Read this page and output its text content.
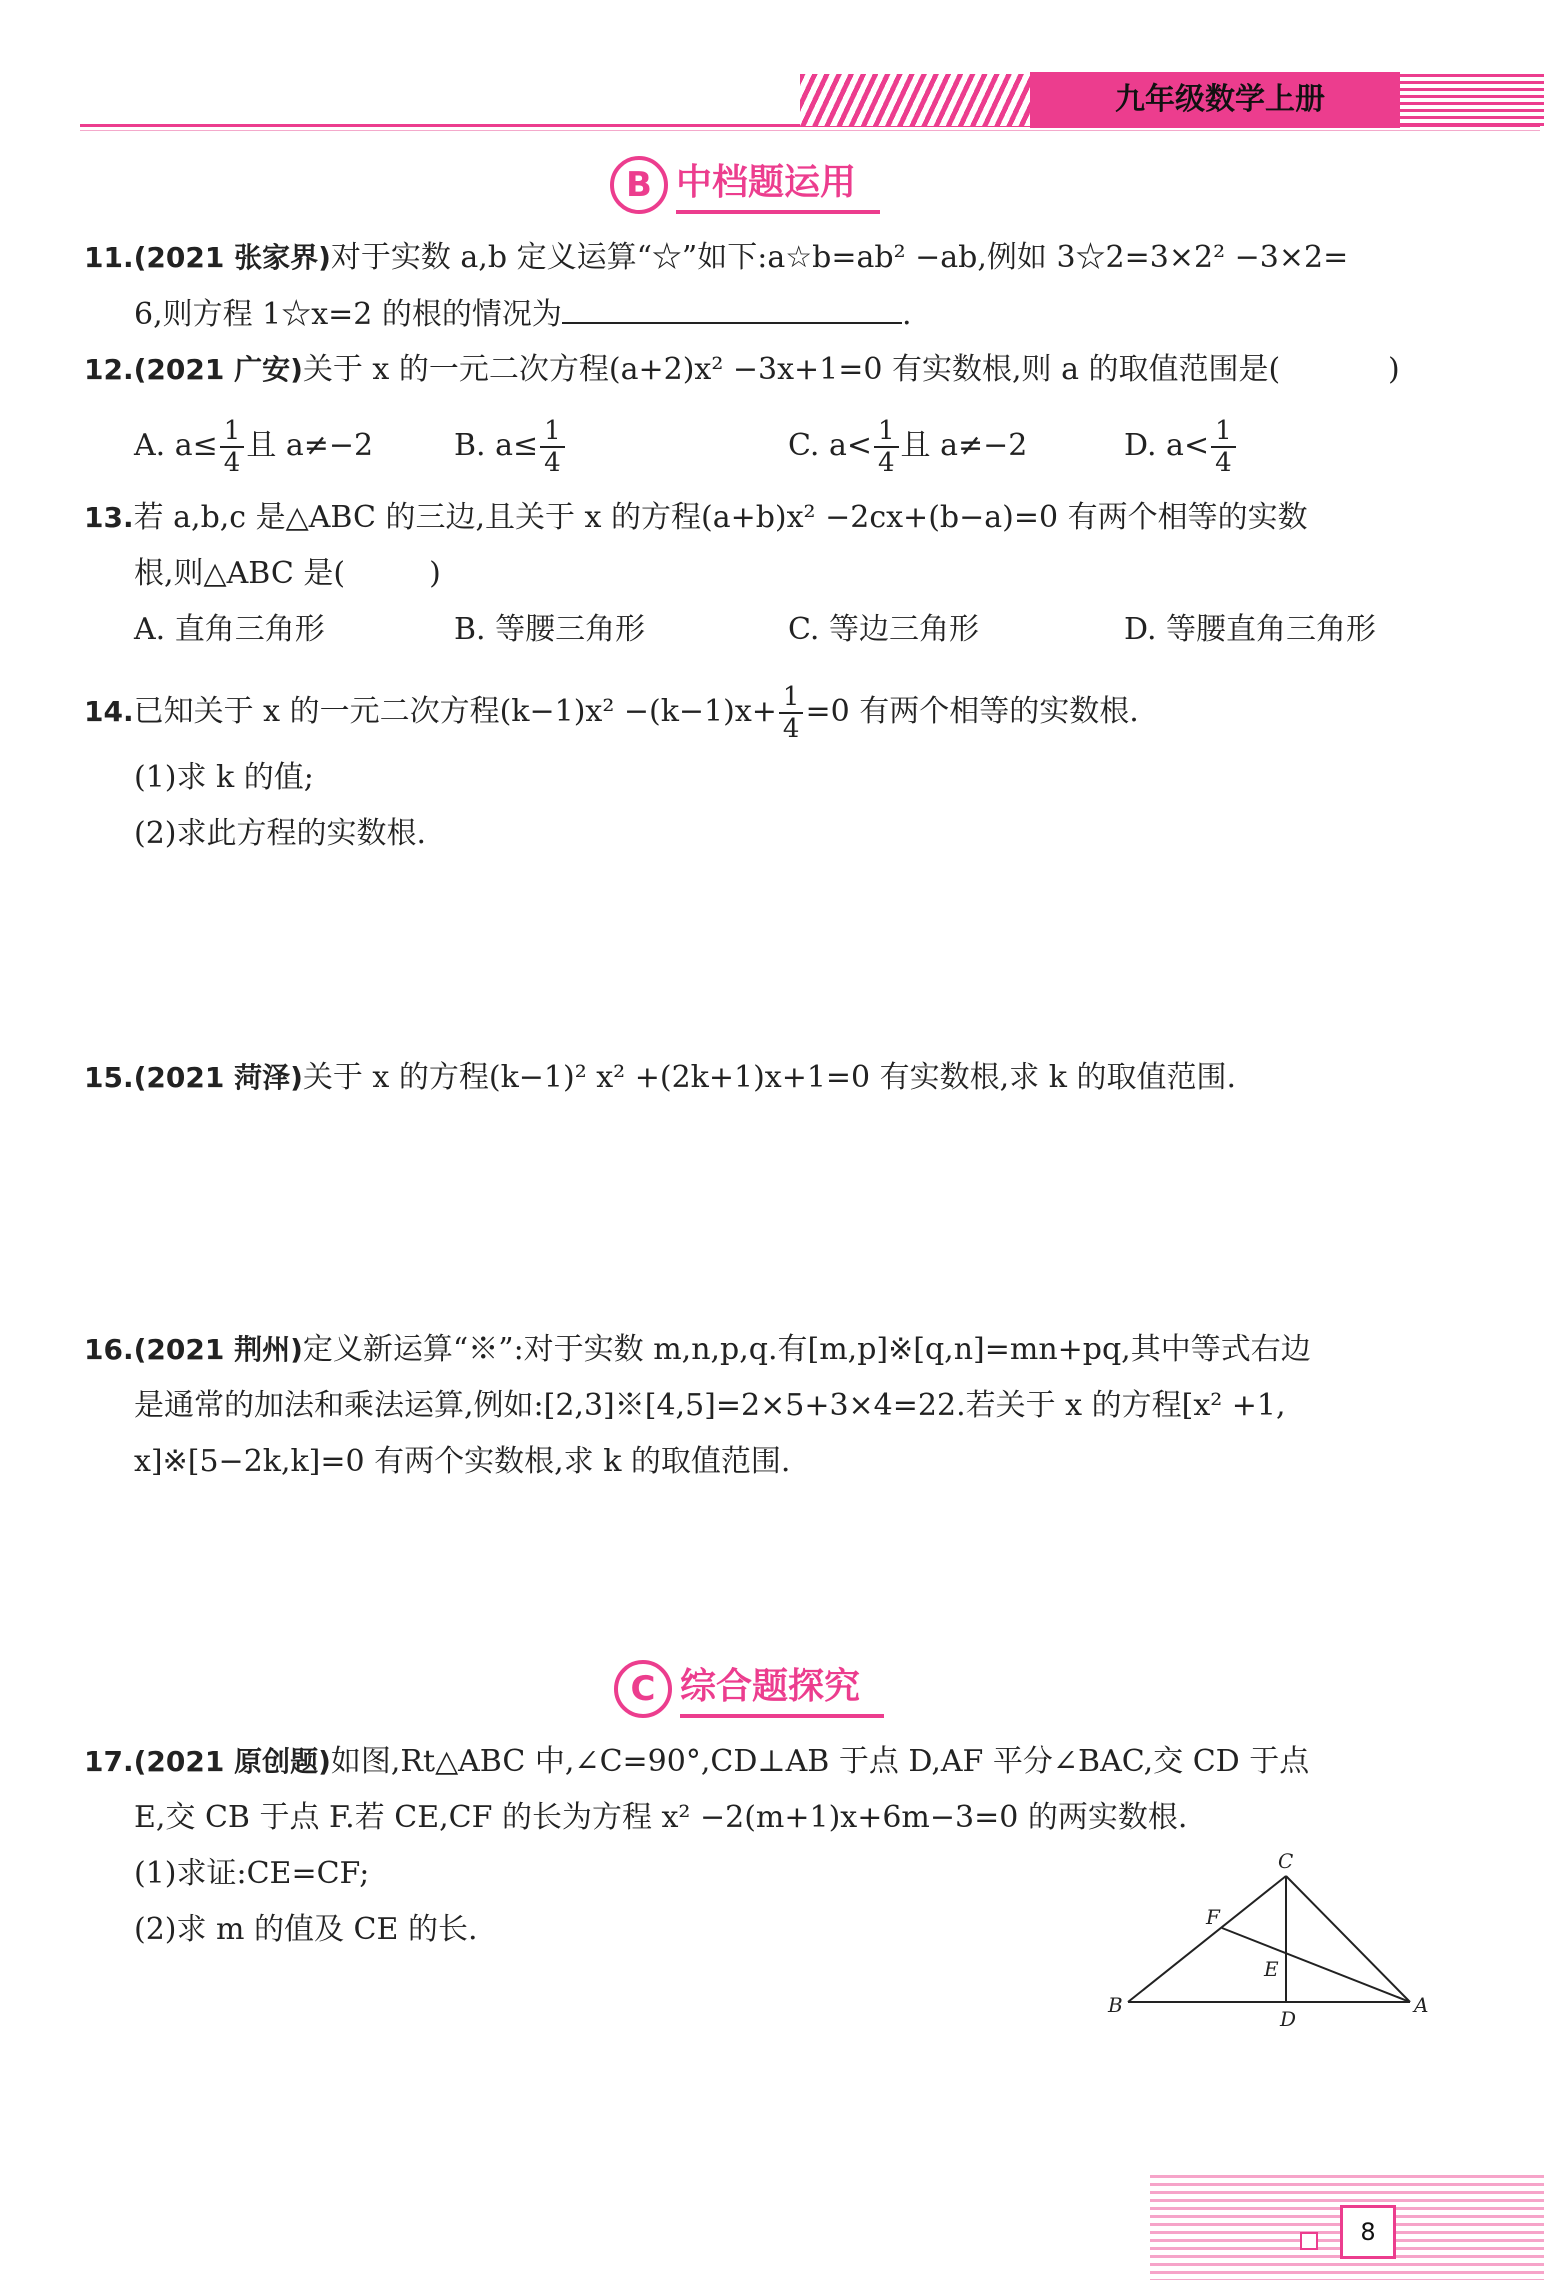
九年级数学上册
B 中档题运用
11.(2021 张家界)对于实数 a,b 定义运算“☆”如下:a☆b=ab² −ab,例如 3☆2=3×2² −3×2=
6,则方程 1☆x=2 的根的情况为	.
12.(2021 广安)关于 x 的一元二次方程(a+2)x² −3x+1=0 有实数根,则 a 的取值范围是(	)
A. $a\le \frac{1}{4}$ 且 a≠−2	B. $a\le \frac{1}{4}$	C. $a< \frac{1}{4}$ 且 a≠−2	D. $a< \frac{1}{4}$
13.若 a,b,c 是△ABC 的三边,且关于 x 的方程(a+b)x² −2cx+(b−a)=0 有两个相等的实数
根,则△ABC 是(	)
A. 直角三角形	B. 等腰三角形	C. 等边三角形	D. 等腰直角三角形
14.已知关于 x 的一元二次方程$(k-1)x^2 -(k-1)x+ \frac{1}{4} =0$ 有两个相等的实数根.
(1)求 k 的值;
(2)求此方程的实数根.
15.(2021 菏泽)关于 x 的方程(k−1)² x² +(2k+1)x+1=0 有实数根,求 k 的取值范围.
16.(2021 荆州)定义新运算“※”:对于实数 m,n,p,q.有[m,p]※[q,n]=mn+pq,其中等式右边
是通常的加法和乘法运算,例如:[2,3]※[4,5]=2×5+3×4=22.若关于 x 的方程[x² +1,
x]※[5−2k,k]=0 有两个实数根,求 k 的取值范围.
C 综合题探究
17.(2021 原创题)如图,Rt△ABC 中,∠C=90°,CD⊥AB 于点 D,AF 平分∠BAC,交 CD 于点
E,交 CB 于点 F.若 CE,CF 的长为方程 x² −2(m+1)x+6m−3=0 的两实数根.
(1)求证:CE=CF;
(2)求 m 的值及 CE 的长.
C
F
E
B
D
A
8
